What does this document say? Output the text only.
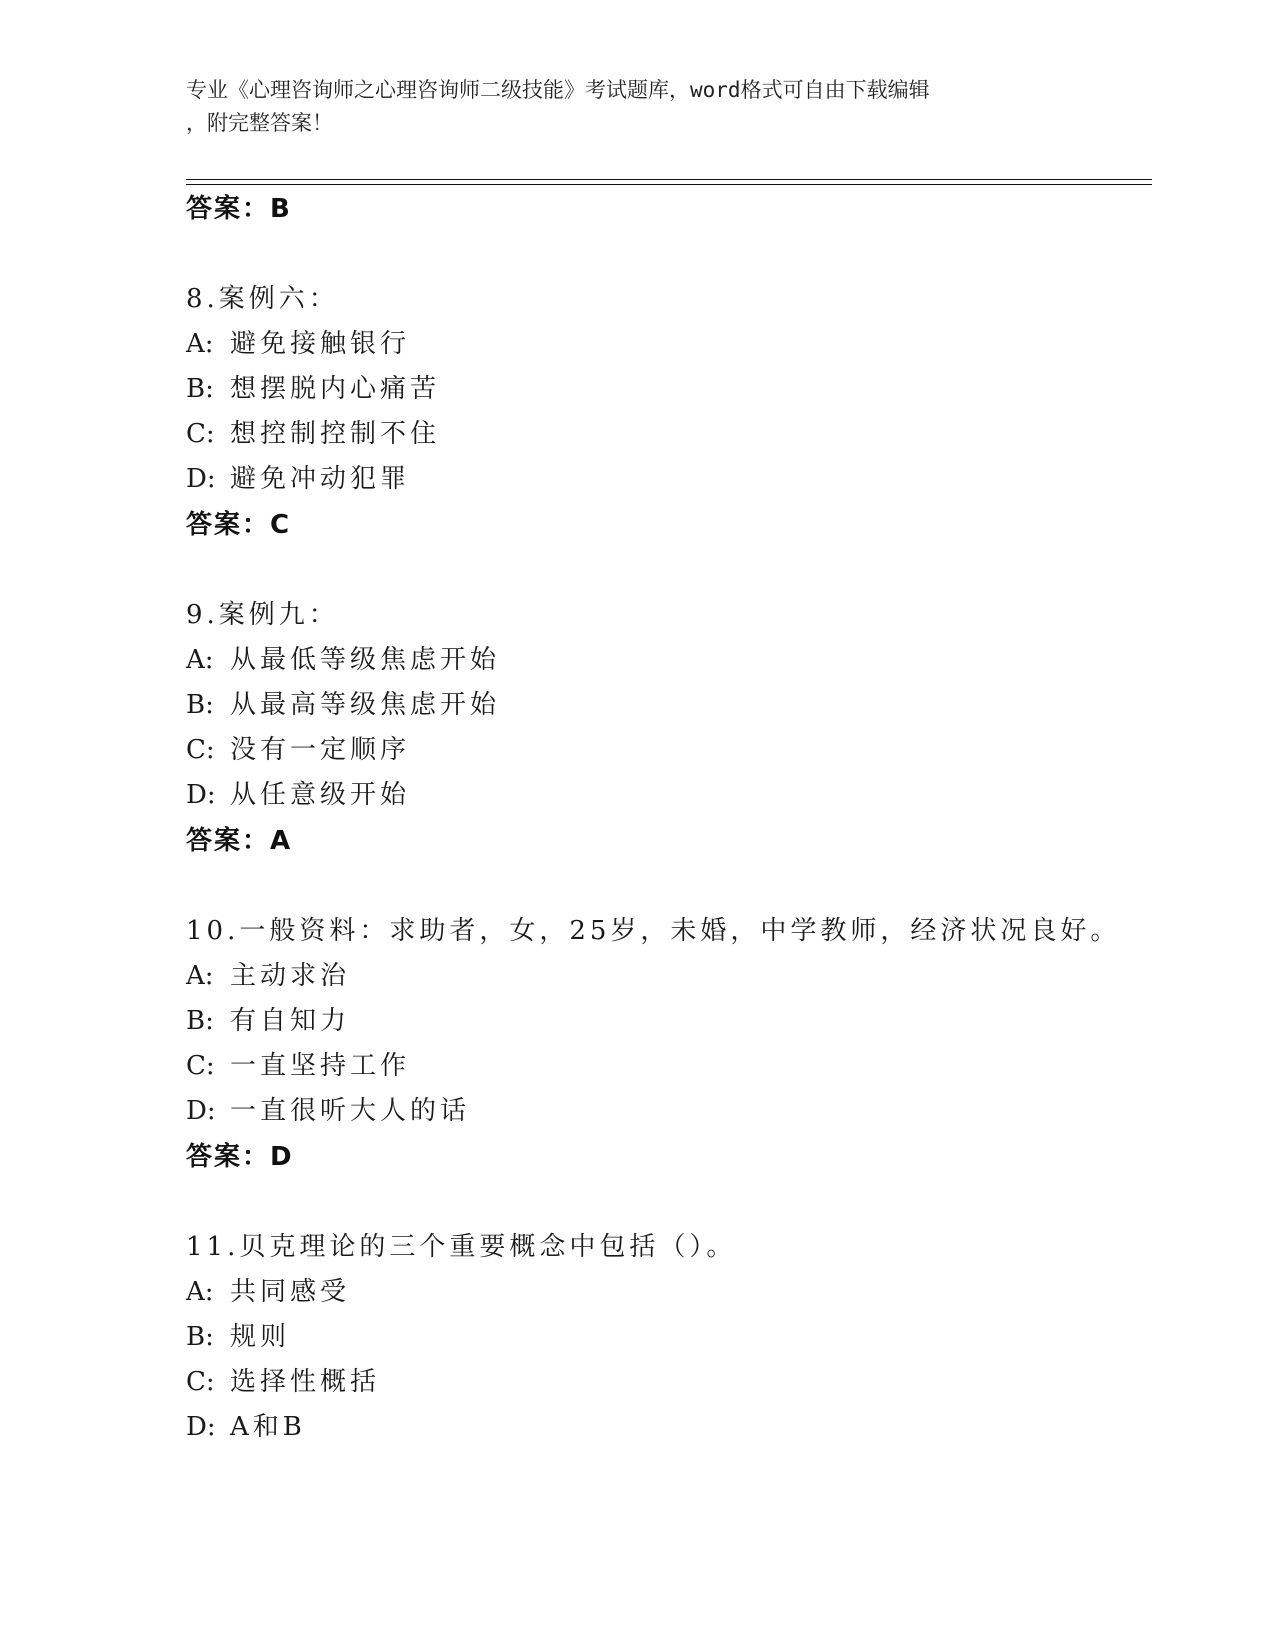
专业《心理咨询师之心理咨询师二级技能》考试题库，word格式可自由下载编辑
，附完整答案！
答案：B
8.案例六：
A: 避免接触银行
B: 想摆脱内心痛苦
C: 想控制控制不住
D: 避免冲动犯罪
答案：C
9.案例九：
A: 从最低等级焦虑开始
B: 从最高等级焦虑开始
C: 没有一定顺序
D: 从任意级开始
答案：A
10.一般资料：求助者，女，25岁，未婚，中学教师，经济状况良好。
A: 主动求治
B: 有自知力
C: 一直坚持工作
D: 一直很听大人的话
答案：D
11.贝克理论的三个重要概念中包括（）。
A: 共同感受
B: 规则
C: 选择性概括
D: A和B
